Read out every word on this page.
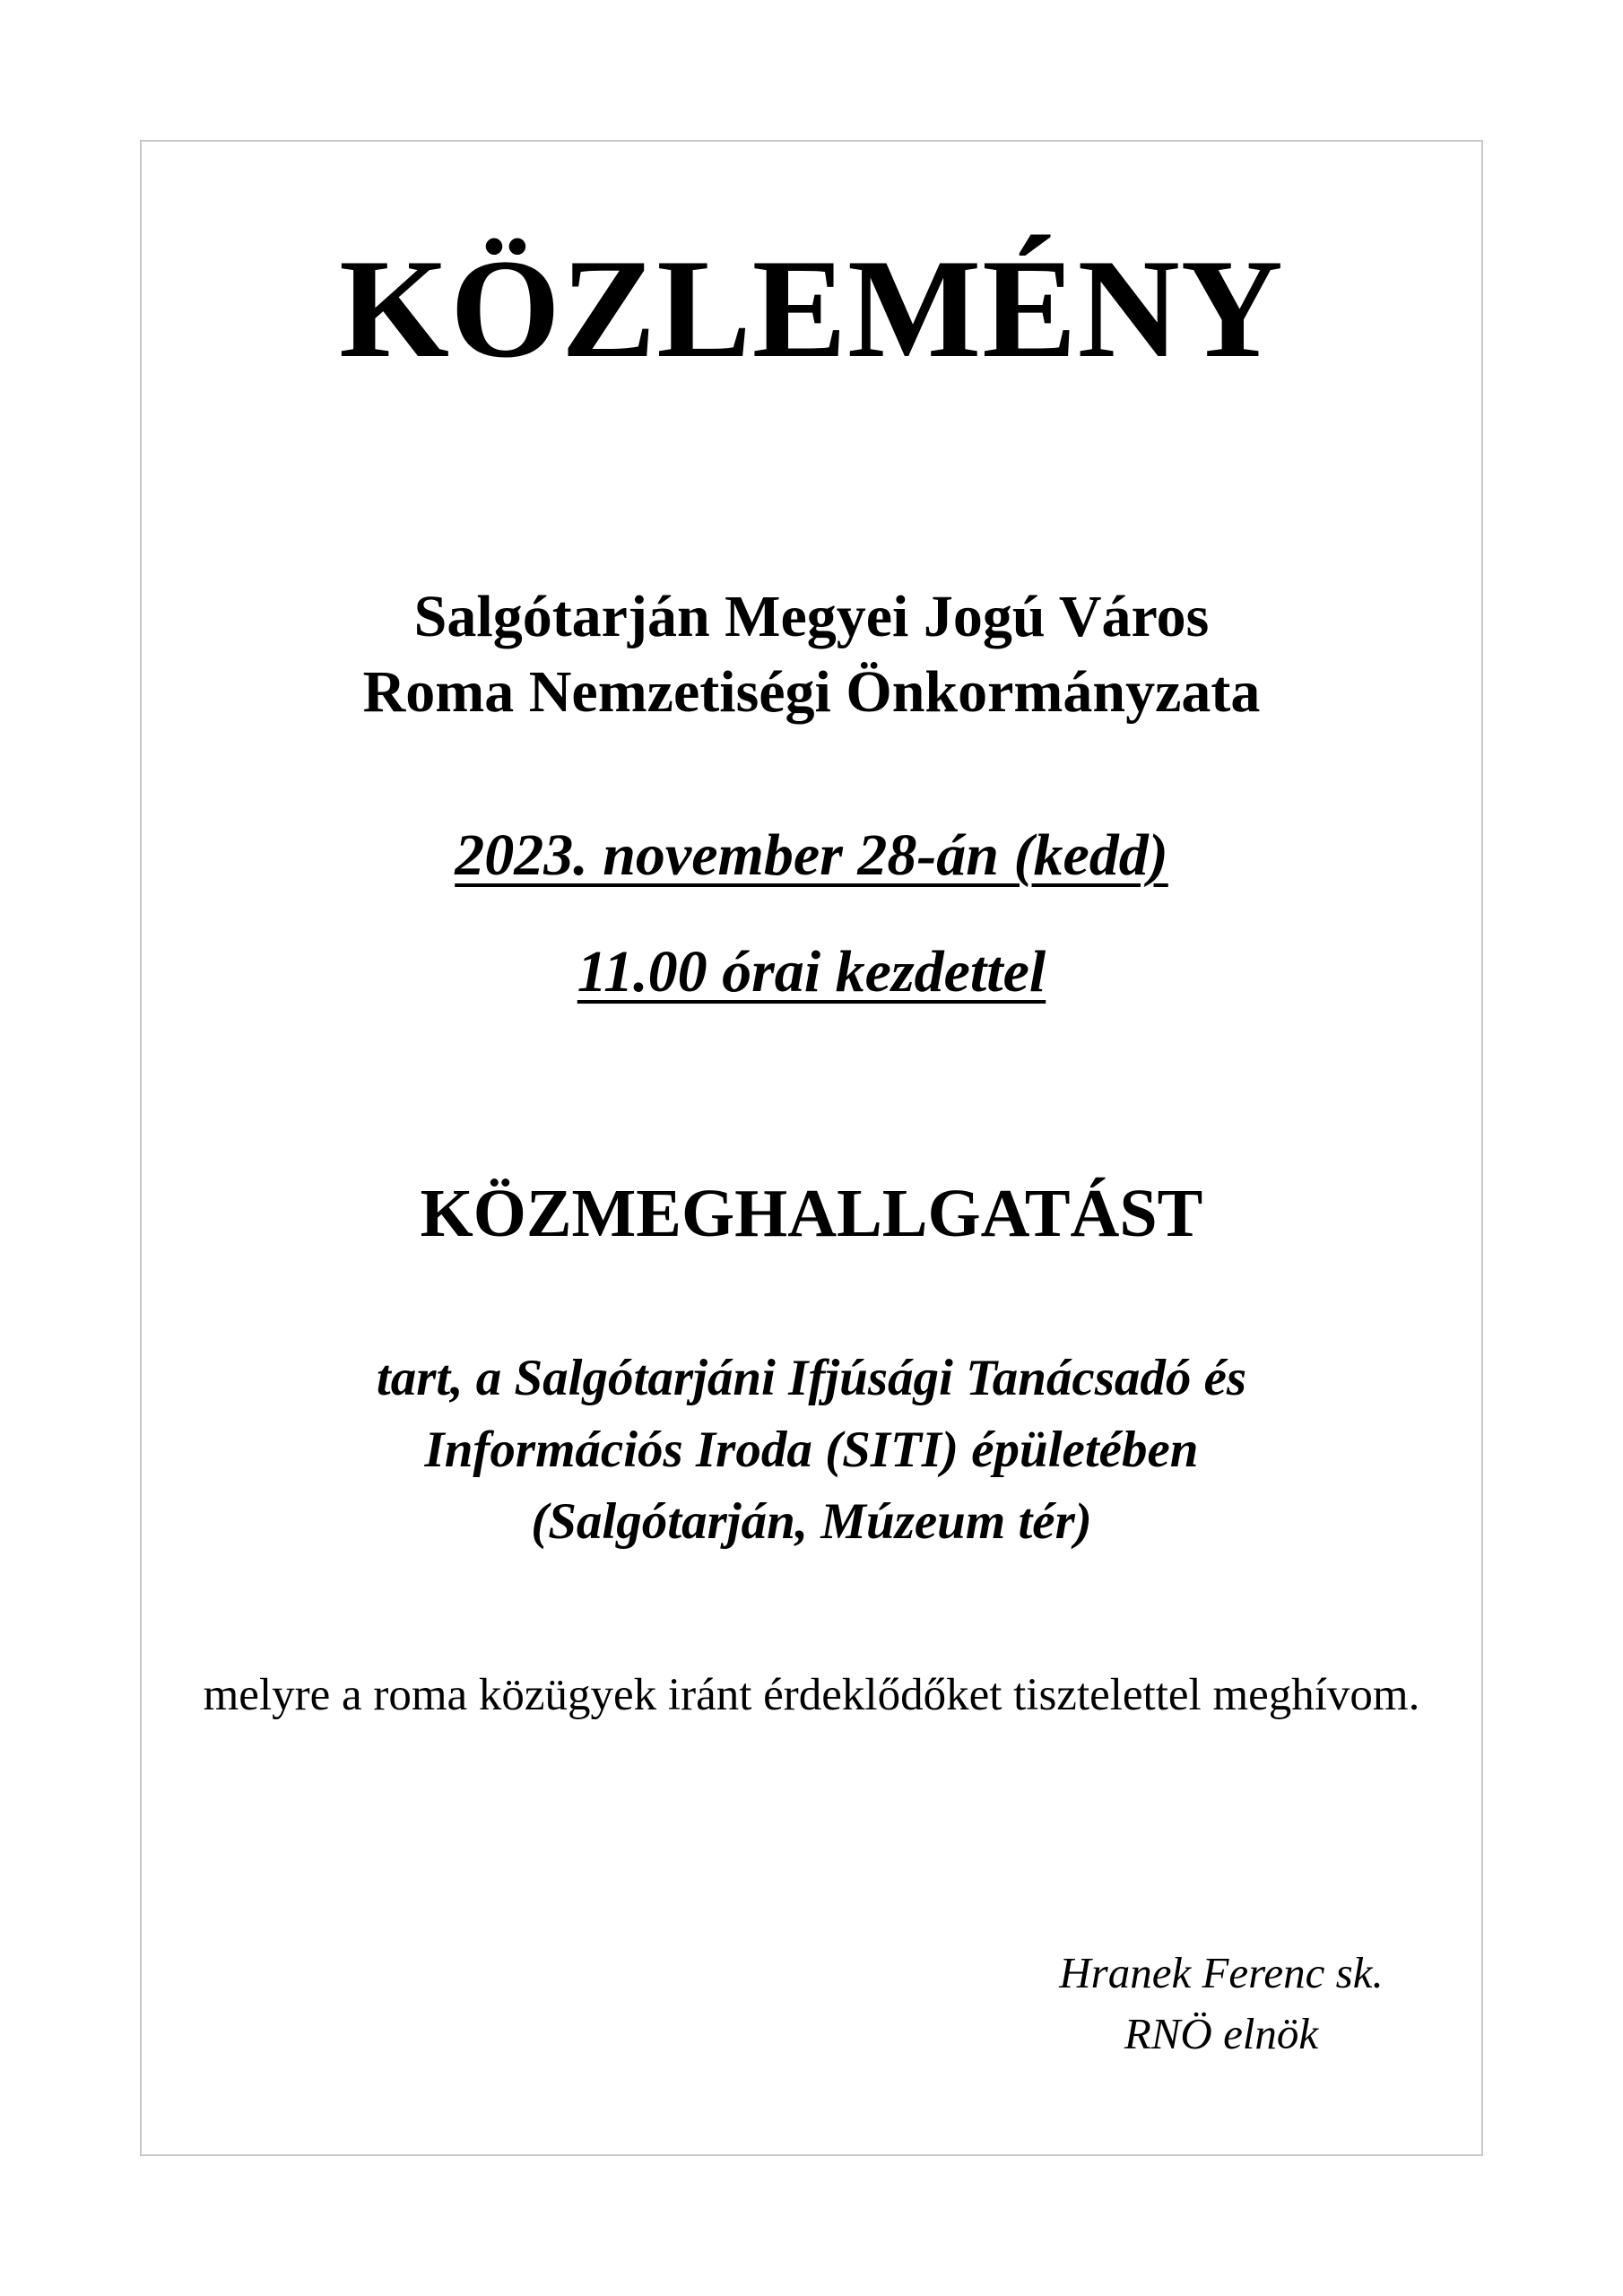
KÖZLEMÉNY

Salgótarján Megyei Jogú Város

Roma Nemzetiségi Önkormányzata

2023. november 28-án (kedd)

11.00 órai kezdettel

KÖZMEGHALLGATÁST

tart, a Salgótarjáni Ifjúsági Tanácsadó és

Információs Iroda (SITI) épületében

(Salgótarján, Múzeum tér)

melyre a roma közügyek iránt érdeklődőket tisztelettel meghívom.

Hranek Ferenc sk.

RNÖ elnök
